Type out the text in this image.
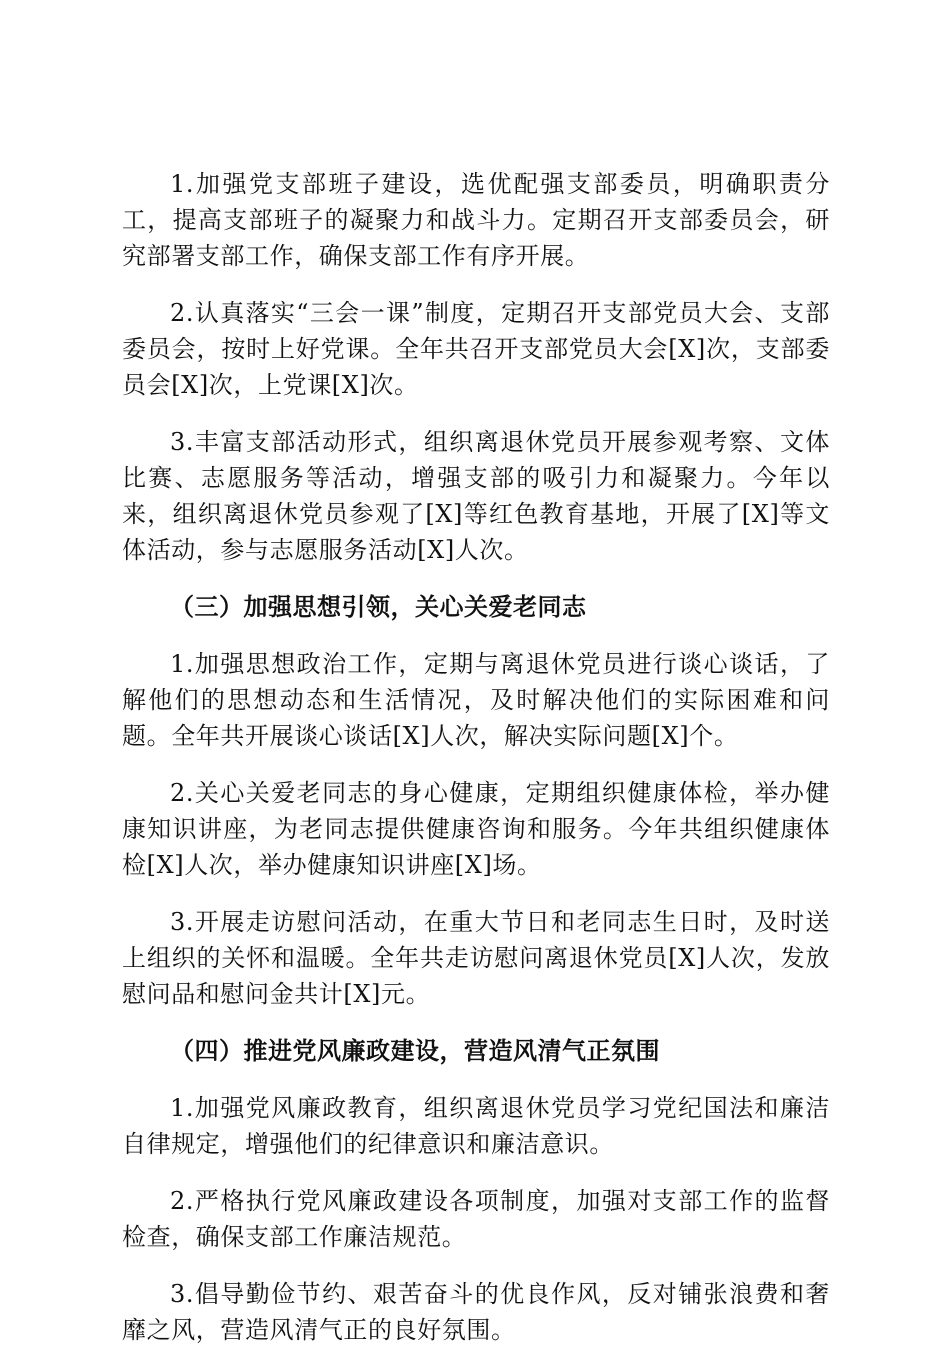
1.加强党支部班子建设，选优配强支部委员，明确职责分工，提高支部班子的凝聚力和战斗力。定期召开支部委员会，研究部署支部工作，确保支部工作有序开展。

2.认真落实“三会一课”制度，定期召开支部党员大会、支部委员会，按时上好党课。全年共召开支部党员大会[X]次，支部委员会[X]次，上党课[X]次。

3.丰富支部活动形式，组织离退休党员开展参观考察、文体比赛、志愿服务等活动，增强支部的吸引力和凝聚力。今年以来，组织离退休党员参观了[X]等红色教育基地，开展了[X]等文体活动，参与志愿服务活动[X]人次。

（三）加强思想引领，关心关爱老同志

1.加强思想政治工作，定期与离退休党员进行谈心谈话，了解他们的思想动态和生活情况，及时解决他们的实际困难和问题。全年共开展谈心谈话[X]人次，解决实际问题[X]个。

2.关心关爱老同志的身心健康，定期组织健康体检，举办健康知识讲座，为老同志提供健康咨询和服务。今年共组织健康体检[X]人次，举办健康知识讲座[X]场。

3.开展走访慰问活动，在重大节日和老同志生日时，及时送上组织的关怀和温暖。全年共走访慰问离退休党员[X]人次，发放慰问品和慰问金共计[X]元。

（四）推进党风廉政建设，营造风清气正氛围

1.加强党风廉政教育，组织离退休党员学习党纪国法和廉洁自律规定，增强他们的纪律意识和廉洁意识。

2.严格执行党风廉政建设各项制度，加强对支部工作的监督检查，确保支部工作廉洁规范。

3.倡导勤俭节约、艰苦奋斗的优良作风，反对铺张浪费和奢靡之风，营造风清气正的良好氛围。
